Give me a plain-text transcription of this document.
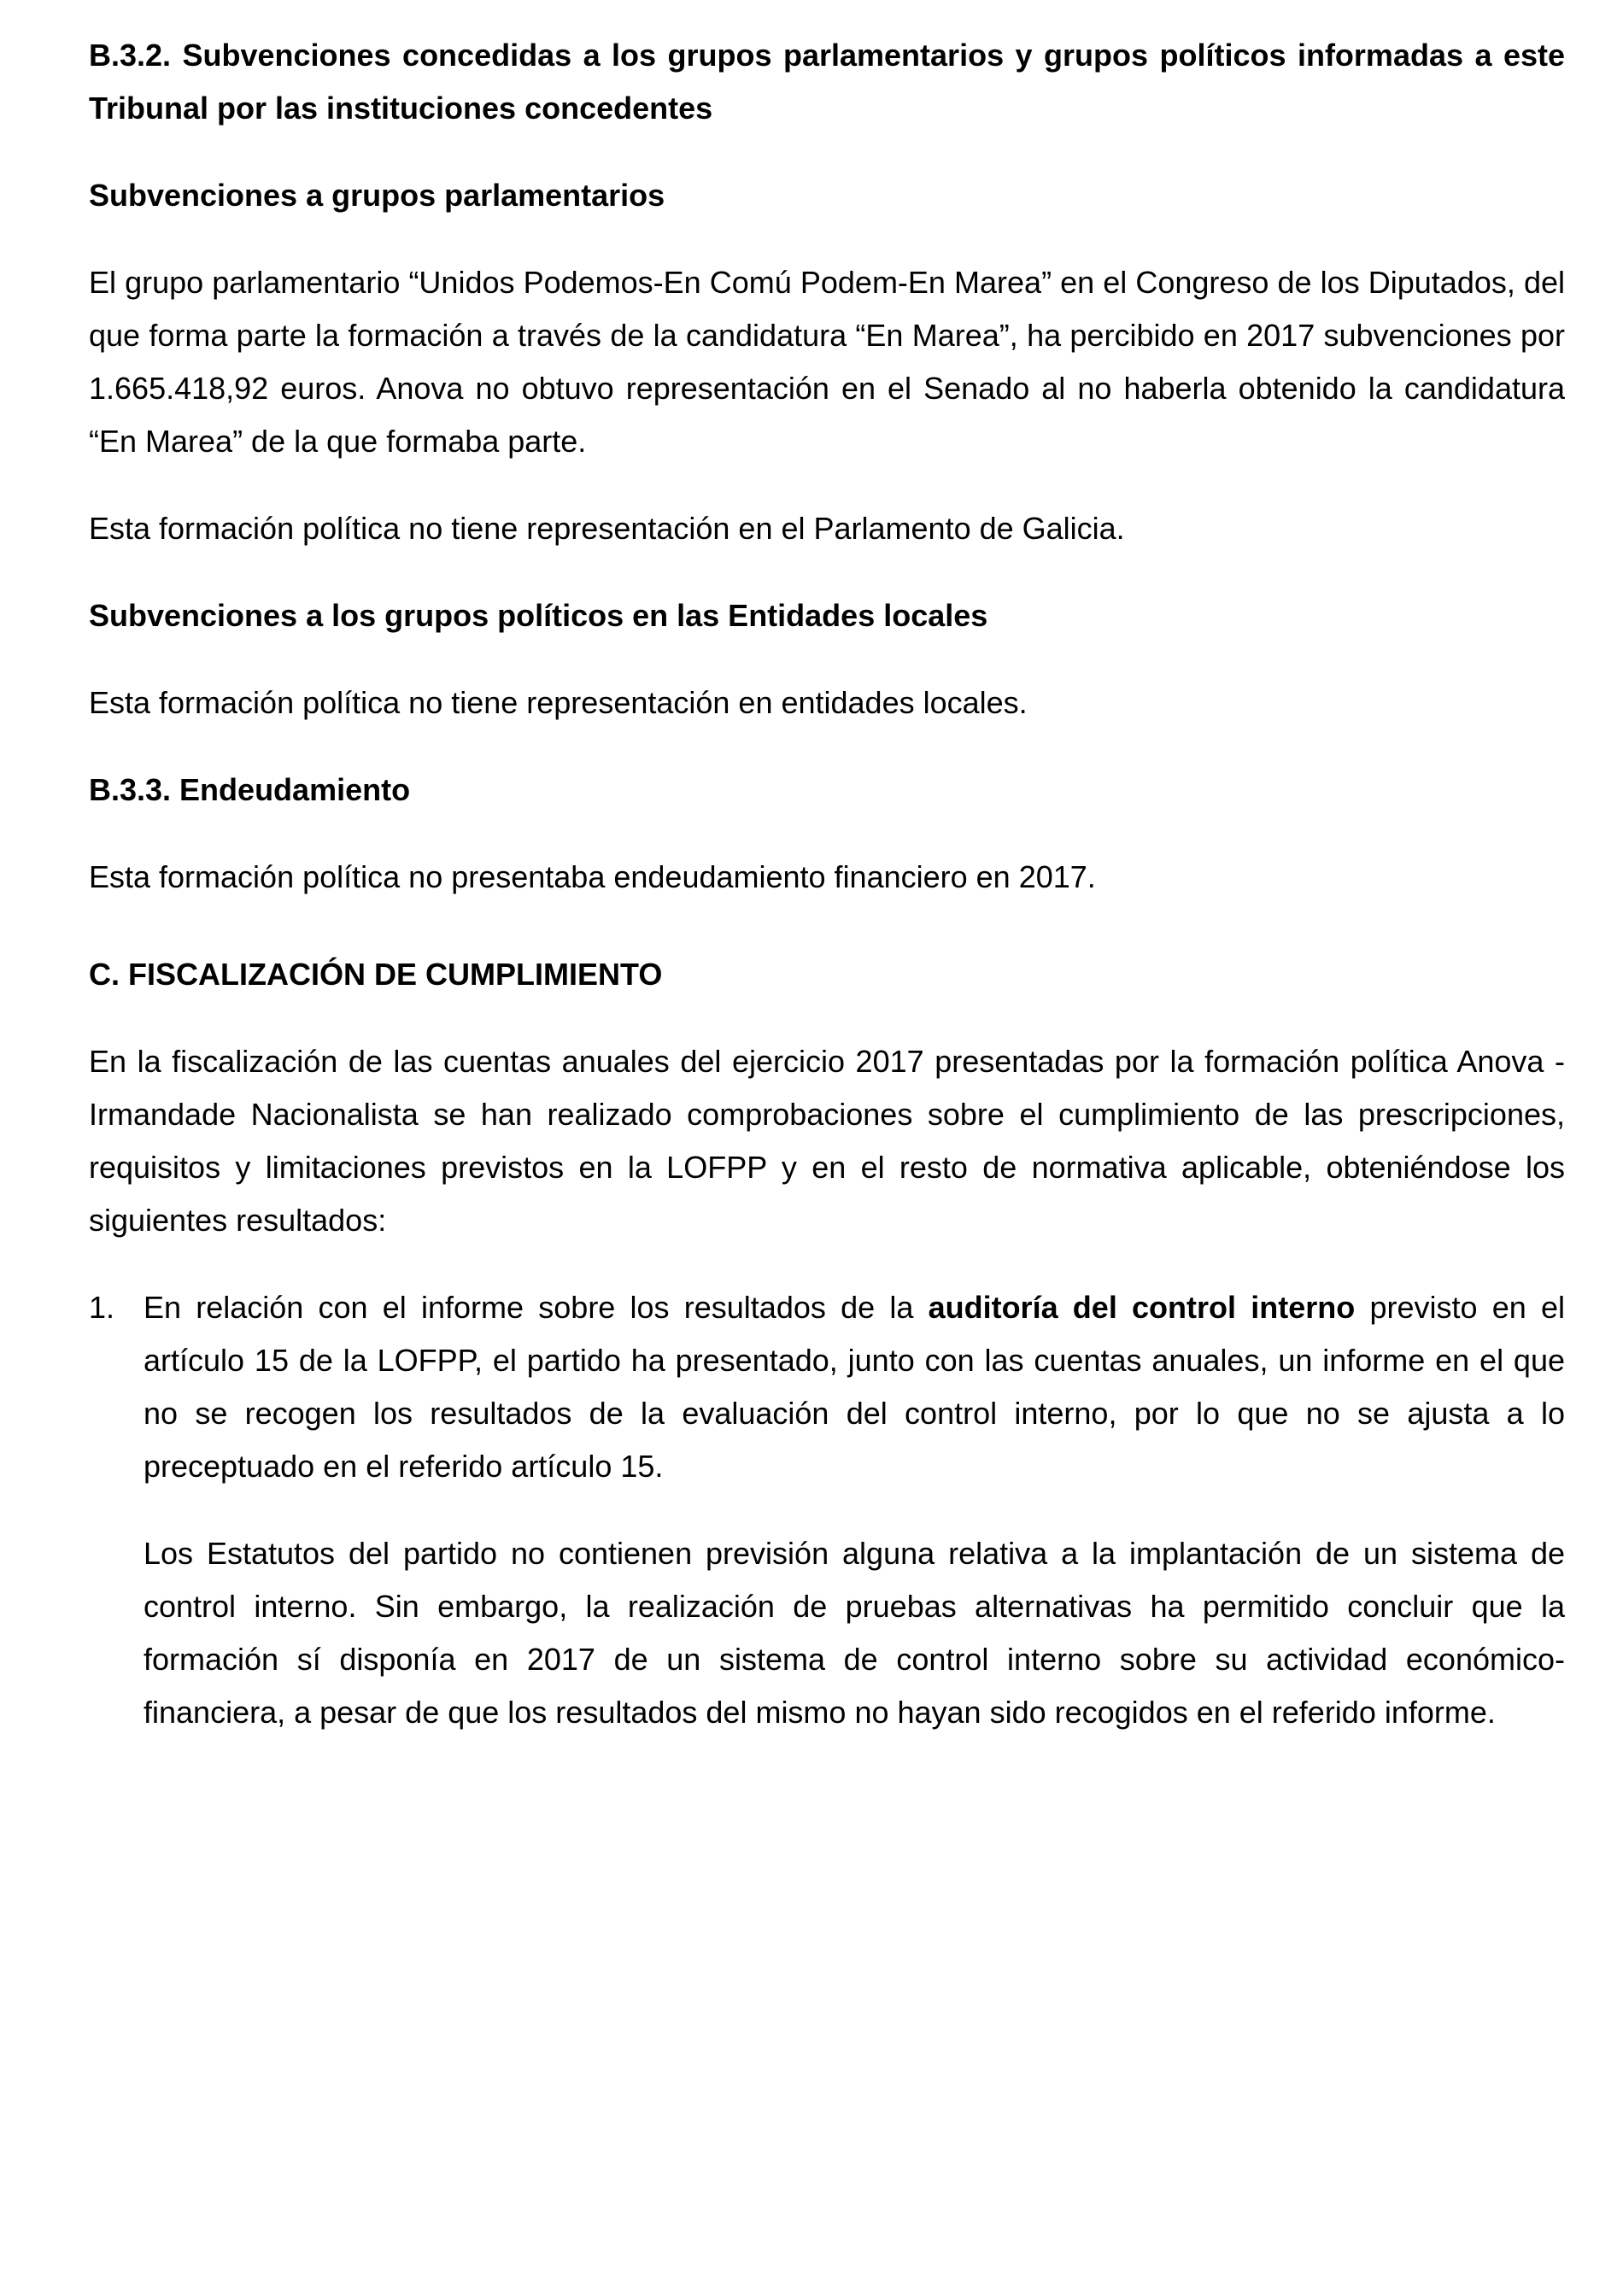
B.3.2. Subvenciones concedidas a los grupos parlamentarios y grupos políticos informadas a este Tribunal por las instituciones concedentes
Subvenciones a grupos parlamentarios

El grupo parlamentario “Unidos Podemos-En Comú Podem-En Marea” en el Congreso de los Diputados, del que forma parte la formación a través de la candidatura “En Marea”, ha percibido en 2017 subvenciones por 1.665.418,92 euros. Anova no obtuvo representación en el Senado al no haberla obtenido la candidatura “En Marea” de la que formaba parte.

Esta formación política no tiene representación en el Parlamento de Galicia.

Subvenciones a los grupos políticos en las Entidades locales

Esta formación política no tiene representación en entidades locales.

B.3.3. Endeudamiento

Esta formación política no presentaba endeudamiento financiero en 2017.

C. FISCALIZACIÓN DE CUMPLIMIENTO

En la fiscalización de las cuentas anuales del ejercicio 2017 presentadas por la formación política Anova - Irmandade Nacionalista se han realizado comprobaciones sobre el cumplimiento de las prescripciones, requisitos y limitaciones previstos en la LOFPP y en el resto de normativa aplicable, obteniéndose los siguientes resultados:

1. En relación con el informe sobre los resultados de la auditoría del control interno previsto en el artículo 15 de la LOFPP, el partido ha presentado, junto con las cuentas anuales, un informe en el que no se recogen los resultados de la evaluación del control interno, por lo que no se ajusta a lo preceptuado en el referido artículo 15.

Los Estatutos del partido no contienen previsión alguna relativa a la implantación de un sistema de control interno. Sin embargo, la realización de pruebas alternativas ha permitido concluir que la formación sí disponía en 2017 de un sistema de control interno sobre su actividad económico-financiera, a pesar de que los resultados del mismo no hayan sido recogidos en el referido informe.
